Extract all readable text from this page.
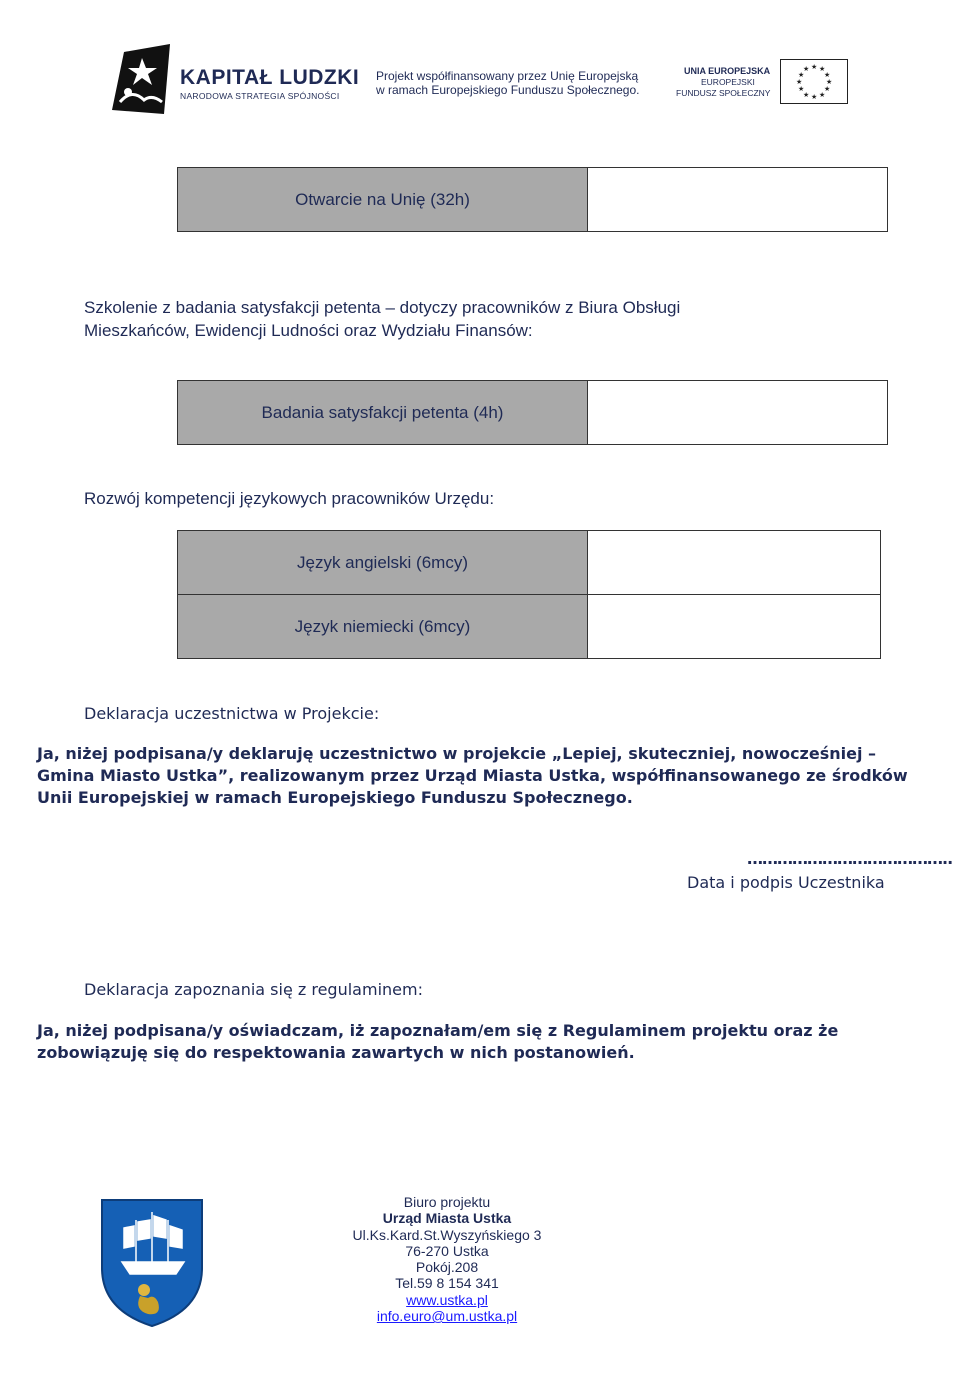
KAPITAŁ LUDZKI
NARODOWA STRATEGIA SPÓJNOŚCI
Projekt współfinansowany przez Unię Europejską
w ramach Europejskiego Funduszu Społecznego.
UNIA EUROPEJSKA
EUROPEJSKI
FUNDUSZ SPOŁECZNY
★ ★
★
★
★
★
★
★
★
★
★
★
Otwarcie na Unię (32h)
Szkolenie z badania satysfakcji petenta – dotyczy pracowników z Biura Obsługi
Mieszkańców, Ewidencji Ludności oraz Wydziału Finansów:
Badania satysfakcji petenta (4h)
Rozwój kompetencji językowych pracowników Urzędu:
Język angielski (6mcy)
Język niemiecki (6mcy)
Deklaracja uczestnictwa w Projekcie:
Ja, niżej podpisana/y deklaruję uczestnictwo w projekcie „Lepiej, skuteczniej, nowocześniej –
Gmina Miasto Ustka”, realizowanym przez Urząd Miasta Ustka, współfinansowanego ze środków
Unii Europejskiej w ramach Europejskiego Funduszu Społecznego.
…………………………………..
Data i podpis Uczestnika
Deklaracja zapoznania się z regulaminem:
Ja, niżej podpisana/y oświadczam, iż zapoznałam/em się z Regulaminem projektu oraz że
zobowiązuję się do respektowania zawartych w nich postanowień.
Biuro projektu
Urząd Miasta Ustka
Ul.Ks.Kard.St.Wyszyńskiego 3
76-270 Ustka
Pokój.208
Tel.59 8 154 341
www.ustka.pl
info.euro@um.ustka.pl
